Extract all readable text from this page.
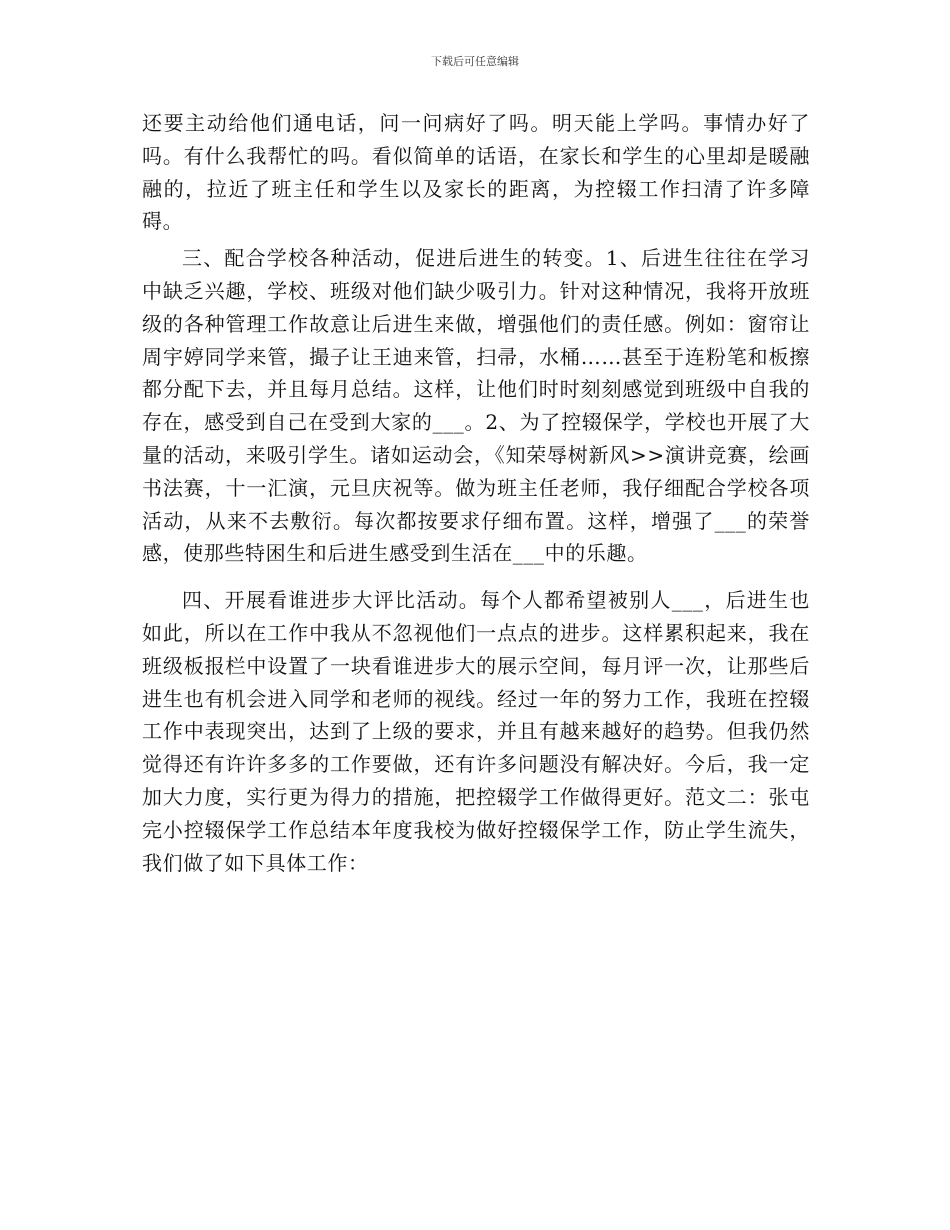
下载后可任意编辑

还要主动给他们通电话，问一问病好了吗。明天能上学吗。事情办好了吗。有什么我帮忙的吗。看似简单的话语，在家长和学生的心里却是暖融融的，拉近了班主任和学生以及家长的距离，为控辍工作扫清了许多障碍。

三、配合学校各种活动，促进后进生的转变。1、后进生往往在学习中缺乏兴趣，学校、班级对他们缺少吸引力。针对这种情况，我将开放班级的各种管理工作故意让后进生来做，增强他们的责任感。例如：窗帘让周宇婷同学来管，撮子让王迪来管，扫帚，水桶……甚至于连粉笔和板擦都分配下去，并且每月总结。这样，让他们时时刻刻感觉到班级中自我的存在，感受到自己在受到大家的___。2、为了控辍保学，学校也开展了大量的活动，来吸引学生。诸如运动会，《知荣辱树新风>>演讲竞赛，绘画书法赛，十一汇演，元旦庆祝等。做为班主任老师，我仔细配合学校各项活动，从来不去敷衍。每次都按要求仔细布置。这样，增强了___的荣誉感，使那些特困生和后进生感受到生活在___中的乐趣。

四、开展看谁进步大评比活动。每个人都希望被别人___，后进生也如此，所以在工作中我从不忽视他们一点点的进步。这样累积起来，我在班级板报栏中设置了一块看谁进步大的展示空间，每月评一次，让那些后进生也有机会进入同学和老师的视线。经过一年的努力工作，我班在控辍工作中表现突出，达到了上级的要求，并且有越来越好的趋势。但我仍然觉得还有许许多多的工作要做，还有许多问题没有解决好。今后，我一定加大力度，实行更为得力的措施，把控辍学工作做得更好。范文二：张屯完小控辍保学工作总结本年度我校为做好控辍保学工作，防止学生流失，我们做了如下具体工作：
